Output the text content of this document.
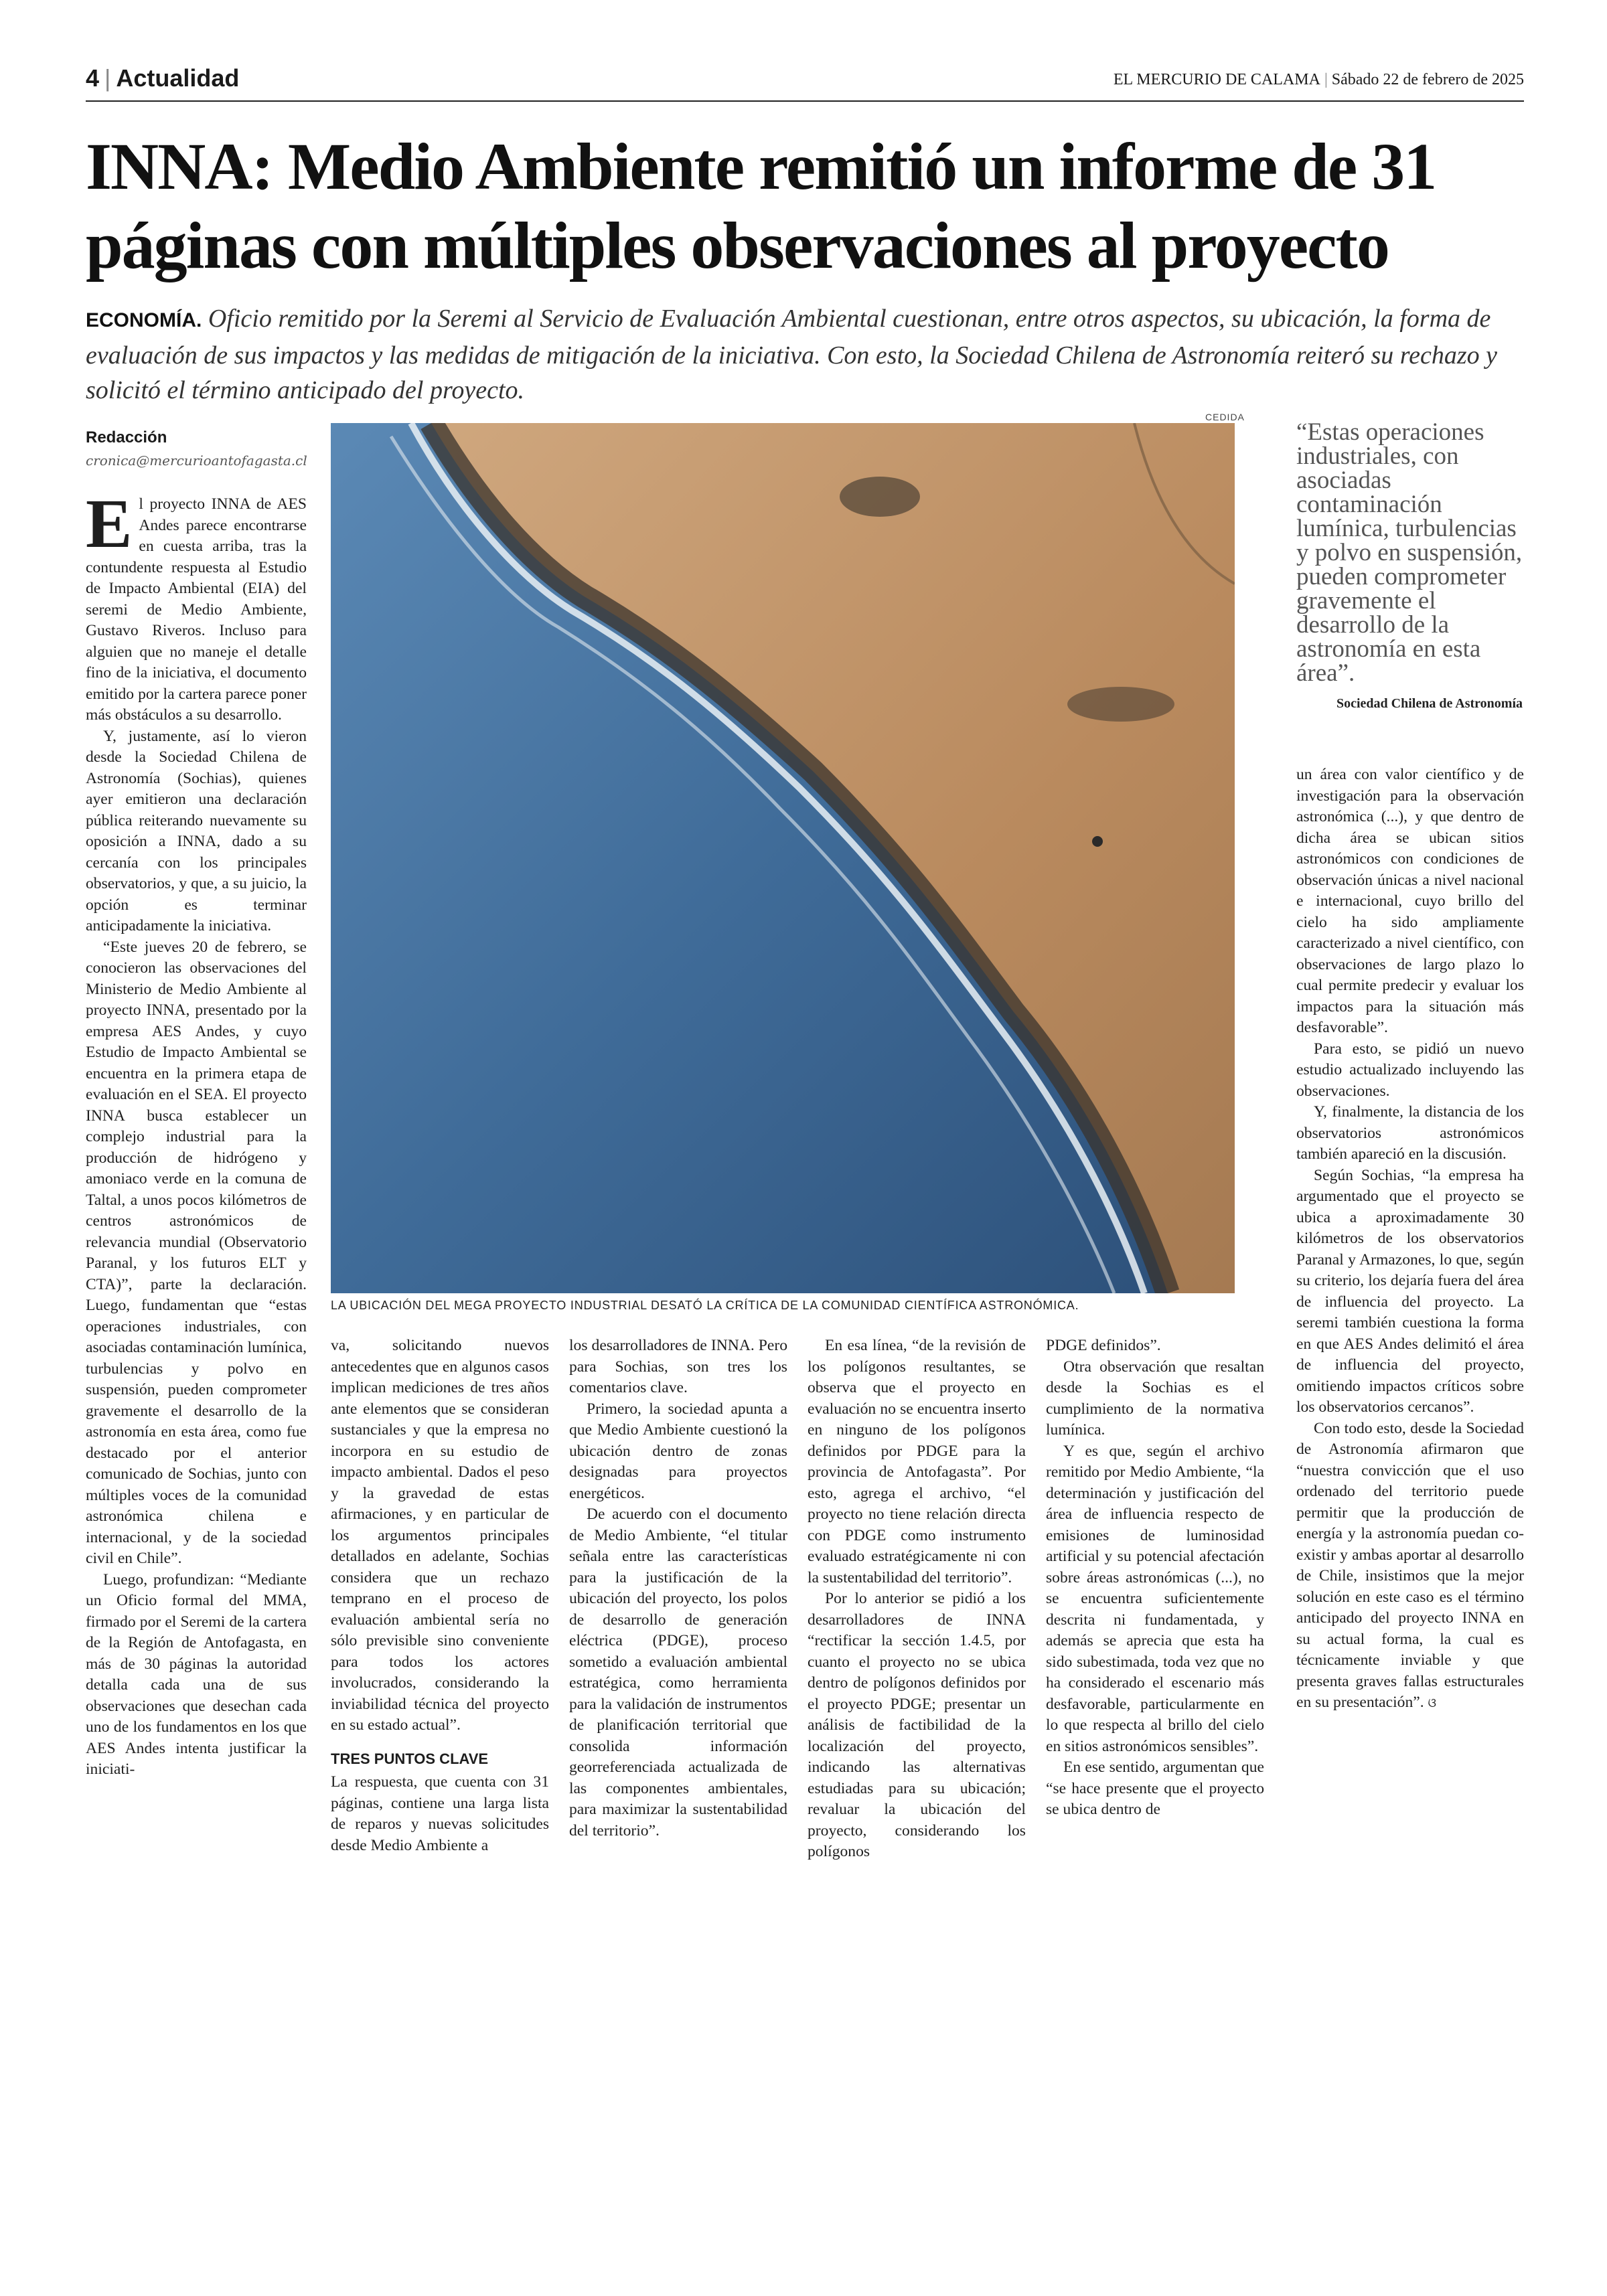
4 | Actualidad	EL MERCURIO DE CALAMA | Sábado 22 de febrero de 2025
INNA: Medio Ambiente remitió un informe de 31 páginas con múltiples observaciones al proyecto
ECONOMÍA. Oficio remitido por la Seremi al Servicio de Evaluación Ambiental cuestionan, entre otros aspectos, su ubicación, la forma de evaluación de sus impactos y las medidas de mitigación de la iniciativa. Con esto, la Sociedad Chilena de Astronomía reiteró su rechazo y solicitó el término anticipado del proyecto.
Redacción
cronica@mercurioantofagasta.cl

El proyecto INNA de AES Andes parece encontrarse en cuesta arriba, tras la contundente respuesta al Estudio de Impacto Ambiental (EIA) del seremi de Medio Ambiente, Gustavo Riveros. Incluso para alguien que no maneje el detalle fino de la iniciativa, el documento emitido por la cartera parece poner más obstáculos a su desarrollo.

Y, justamente, así lo vieron desde la Sociedad Chilena de Astronomía (Sochias), quienes ayer emitieron una declaración pública reiterando nuevamente su oposición a INNA, dado a su cercanía con los principales observatorios, y que, a su juicio, la opción es terminar anticipadamente la iniciativa.

“Este jueves 20 de febrero, se conocieron las observaciones del Ministerio de Medio Ambiente al proyecto INNA, presentado por la empresa AES Andes, y cuyo Estudio de Impacto Ambiental se encuentra en la primera etapa de evaluación en el SEA. El proyecto INNA busca establecer un complejo industrial para la producción de hidrógeno y amoniaco verde en la comuna de Taltal, a unos pocos kilómetros de centros astronómicos de relevancia mundial (Observatorio Paranal, y los futuros ELT y CTA)”, parte la declaración. Luego, fundamentan que “estas operaciones industriales, con asociadas contaminación lumínica, turbulencias y polvo en suspensión, pueden comprometer gravemente el desarrollo de la astronomía en esta área, como fue destacado por el anterior comunicado de Sochias, junto con múltiples voces de la comunidad astronómica chilena e internacional, y de la sociedad civil en Chile”.

Luego, profundizan: “Mediante un Oficio formal del MMA, firmado por el Seremi de la cartera de la Región de Antofagasta, en más de 30 páginas la autoridad detalla cada una de sus observaciones que desechan cada uno de los fundamentos en los que AES Andes intenta justificar la iniciati-

CEDIDA
LA UBICACIÓN DEL MEGA PROYECTO INDUSTRIAL DESATÓ LA CRÍTICA DE LA COMUNIDAD CIENTÍFICA ASTRONÓMICA.
“Estas operaciones industriales, con asociadas contaminación lumínica, turbulencias y polvo en suspensión, pueden comprometer gravemente el desarrollo de la astronomía en esta área”.
Sociedad Chilena de Astronomía

va, solicitando nuevos antecedentes que en algunos casos implican mediciones de tres años ante elementos que se consideran sustanciales y que la empresa no incorpora en su estudio de impacto ambiental. Dados el peso y la gravedad de estas afirmaciones, y en particular de los argumentos principales detallados en adelante, Sochias considera que un rechazo temprano en el proceso de evaluación ambiental sería no sólo previsible sino conveniente para todos los actores involucrados, considerando la inviabilidad técnica del proyecto en su estado actual”.

TRES PUNTOS CLAVE

La respuesta, que cuenta con 31 páginas, contiene una larga lista de reparos y nuevas solicitudes desde Medio Ambiente a

los desarrolladores de INNA. Pero para Sochias, son tres los comentarios clave.

Primero, la sociedad apunta a que Medio Ambiente cuestionó la ubicación dentro de zonas designadas para proyectos energéticos.

De acuerdo con el documento de Medio Ambiente, “el titular señala entre las características para la justificación de la ubicación del proyecto, los polos de desarrollo de generación eléctrica (PDGE), proceso sometido a evaluación ambiental estratégica, como herramienta para la validación de instrumentos de planificación territorial que consolida información georreferenciada actualizada de las componentes ambientales, para maximizar la sustentabilidad del territorio”.

En esa línea, “de la revisión de los polígonos resultantes, se observa que el proyecto en evaluación no se encuentra inserto en ninguno de los polígonos definidos por PDGE para la provincia de Antofagasta”. Por esto, agrega el archivo, “el proyecto no tiene relación directa con PDGE como instrumento evaluado estratégicamente ni con la sustentabilidad del territorio”.

Por lo anterior se pidió a los desarrolladores de INNA “rectificar la sección 1.4.5, por cuanto el proyecto no se ubica dentro de polígonos definidos por el proyecto PDGE; presentar un análisis de factibilidad de la localización del proyecto, indicando las alternativas estudiadas para su ubicación; revaluar la ubicación del proyecto, considerando los polígonos

PDGE definidos”.

Otra observación que resaltan desde la Sochias es el cumplimiento de la normativa lumínica.

Y es que, según el archivo remitido por Medio Ambiente, “la determinación y justificación del área de influencia respecto de emisiones de luminosidad artificial y su potencial afectación sobre áreas astronómicas (...), no se encuentra suficientemente descrita ni fundamentada, y además se aprecia que esta ha sido subestimada, toda vez que no ha considerado el escenario más desfavorable, particularmente en lo que respecta al brillo del cielo en sitios astronómicos sensibles”.

En ese sentido, argumentan que “se hace presente que el proyecto se ubica dentro de

un área con valor científico y de investigación para la observación astronómica (...), y que dentro de dicha área se ubican sitios astronómicos con condiciones de observación únicas a nivel nacional e internacional, cuyo brillo del cielo ha sido ampliamente caracterizado a nivel científico, con observaciones de largo plazo lo cual permite predecir y evaluar los impactos para la situación más desfavorable”.

Para esto, se pidió un nuevo estudio actualizado incluyendo las observaciones.

Y, finalmente, la distancia de los observatorios astronómicos también apareció en la discusión.

Según Sochias, “la empresa ha argumentado que el proyecto se ubica a aproximadamente 30 kilómetros de los observatorios Paranal y Armazones, lo que, según su criterio, los dejaría fuera del área de influencia del proyecto. La seremi también cuestiona la forma en que AES Andes delimitó el área de influencia del proyecto, omitiendo impactos críticos sobre los observatorios cercanos”.

Con todo esto, desde la Sociedad de Astronomía afirmaron que “nuestra convicción que el uso ordenado del territorio puede permitir que la producción de energía y la astronomía puedan co-existir y ambas aportar al desarrollo de Chile, insistimos que la mejor solución en este caso es el término anticipado del proyecto INNA en su actual forma, la cual es técnicamente inviable y que presenta graves fallas estructurales en su presentación”. ଓ
